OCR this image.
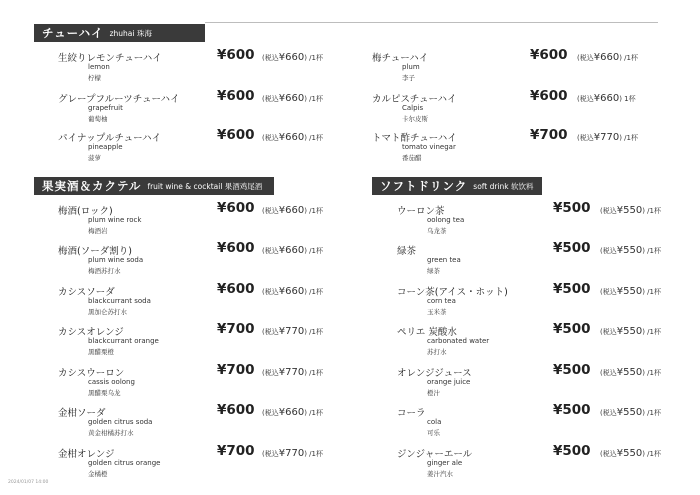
チューハイ zhuhai 珠海
果実酒＆カクテル fruit wine & cocktail 果酒鸡尾酒	ソフトドリンク soft drink 软饮料
生絞りレモンチューハイ
lemon
柠檬
¥600 (税込¥660) /1杯
グレープフルーツチューハイ
grapefruit
葡萄柚
¥600 (税込¥660) /1杯
パイナップルチューハイ
pineapple
菠萝
¥600 (税込¥660) /1杯
梅チューハイ
plum
李子
¥600 (税込¥660) /1杯
カルピスチューハイ
Calpis
卡尔皮斯
¥600 (税込¥660) 1杯
トマト酢チューハイ
tomato vinegar
番茄醋
¥700 (税込¥770) /1杯
梅酒(ロック)
plum wine rock
梅酒岩
¥600 (税込¥660) /1杯
梅酒(ソーダ割り)
plum wine soda
梅酒苏打水
¥600 (税込¥660) /1杯
カシスソーダ
blackcurrant soda
黑加仑苏打水
¥600 (税込¥660) /1杯
カシスオレンジ
blackcurrant orange
黑醋栗橙
¥700 (税込¥770) /1杯
カシスウーロン
cassis oolong
黑醋栗乌龙
¥700 (税込¥770) /1杯
金柑ソーダ
golden citrus soda
黄金柑橘苏打水
¥600 (税込¥660) /1杯
金柑オレンジ
golden citrus orange
金橘橙
¥700 (税込¥770) /1杯
ウーロン茶
oolong tea
乌龙茶
¥500 (税込¥550) /1杯
緑茶
green tea
绿茶
¥500 (税込¥550) /1杯
コーン茶(アイス・ホット)
corn tea
玉米茶
¥500 (税込¥550) /1杯
ペリエ 炭酸水
carbonated water
苏打水
¥500 (税込¥550) /1杯
オレンジジュース
orange juice
橙汁
¥500 (税込¥550) /1杯
コーラ
cola
可乐
¥500 (税込¥550) /1杯
ジンジャーエール
ginger ale
姜汁汽水
¥500 (税込¥550) /1杯
2024/01/07 14:00
